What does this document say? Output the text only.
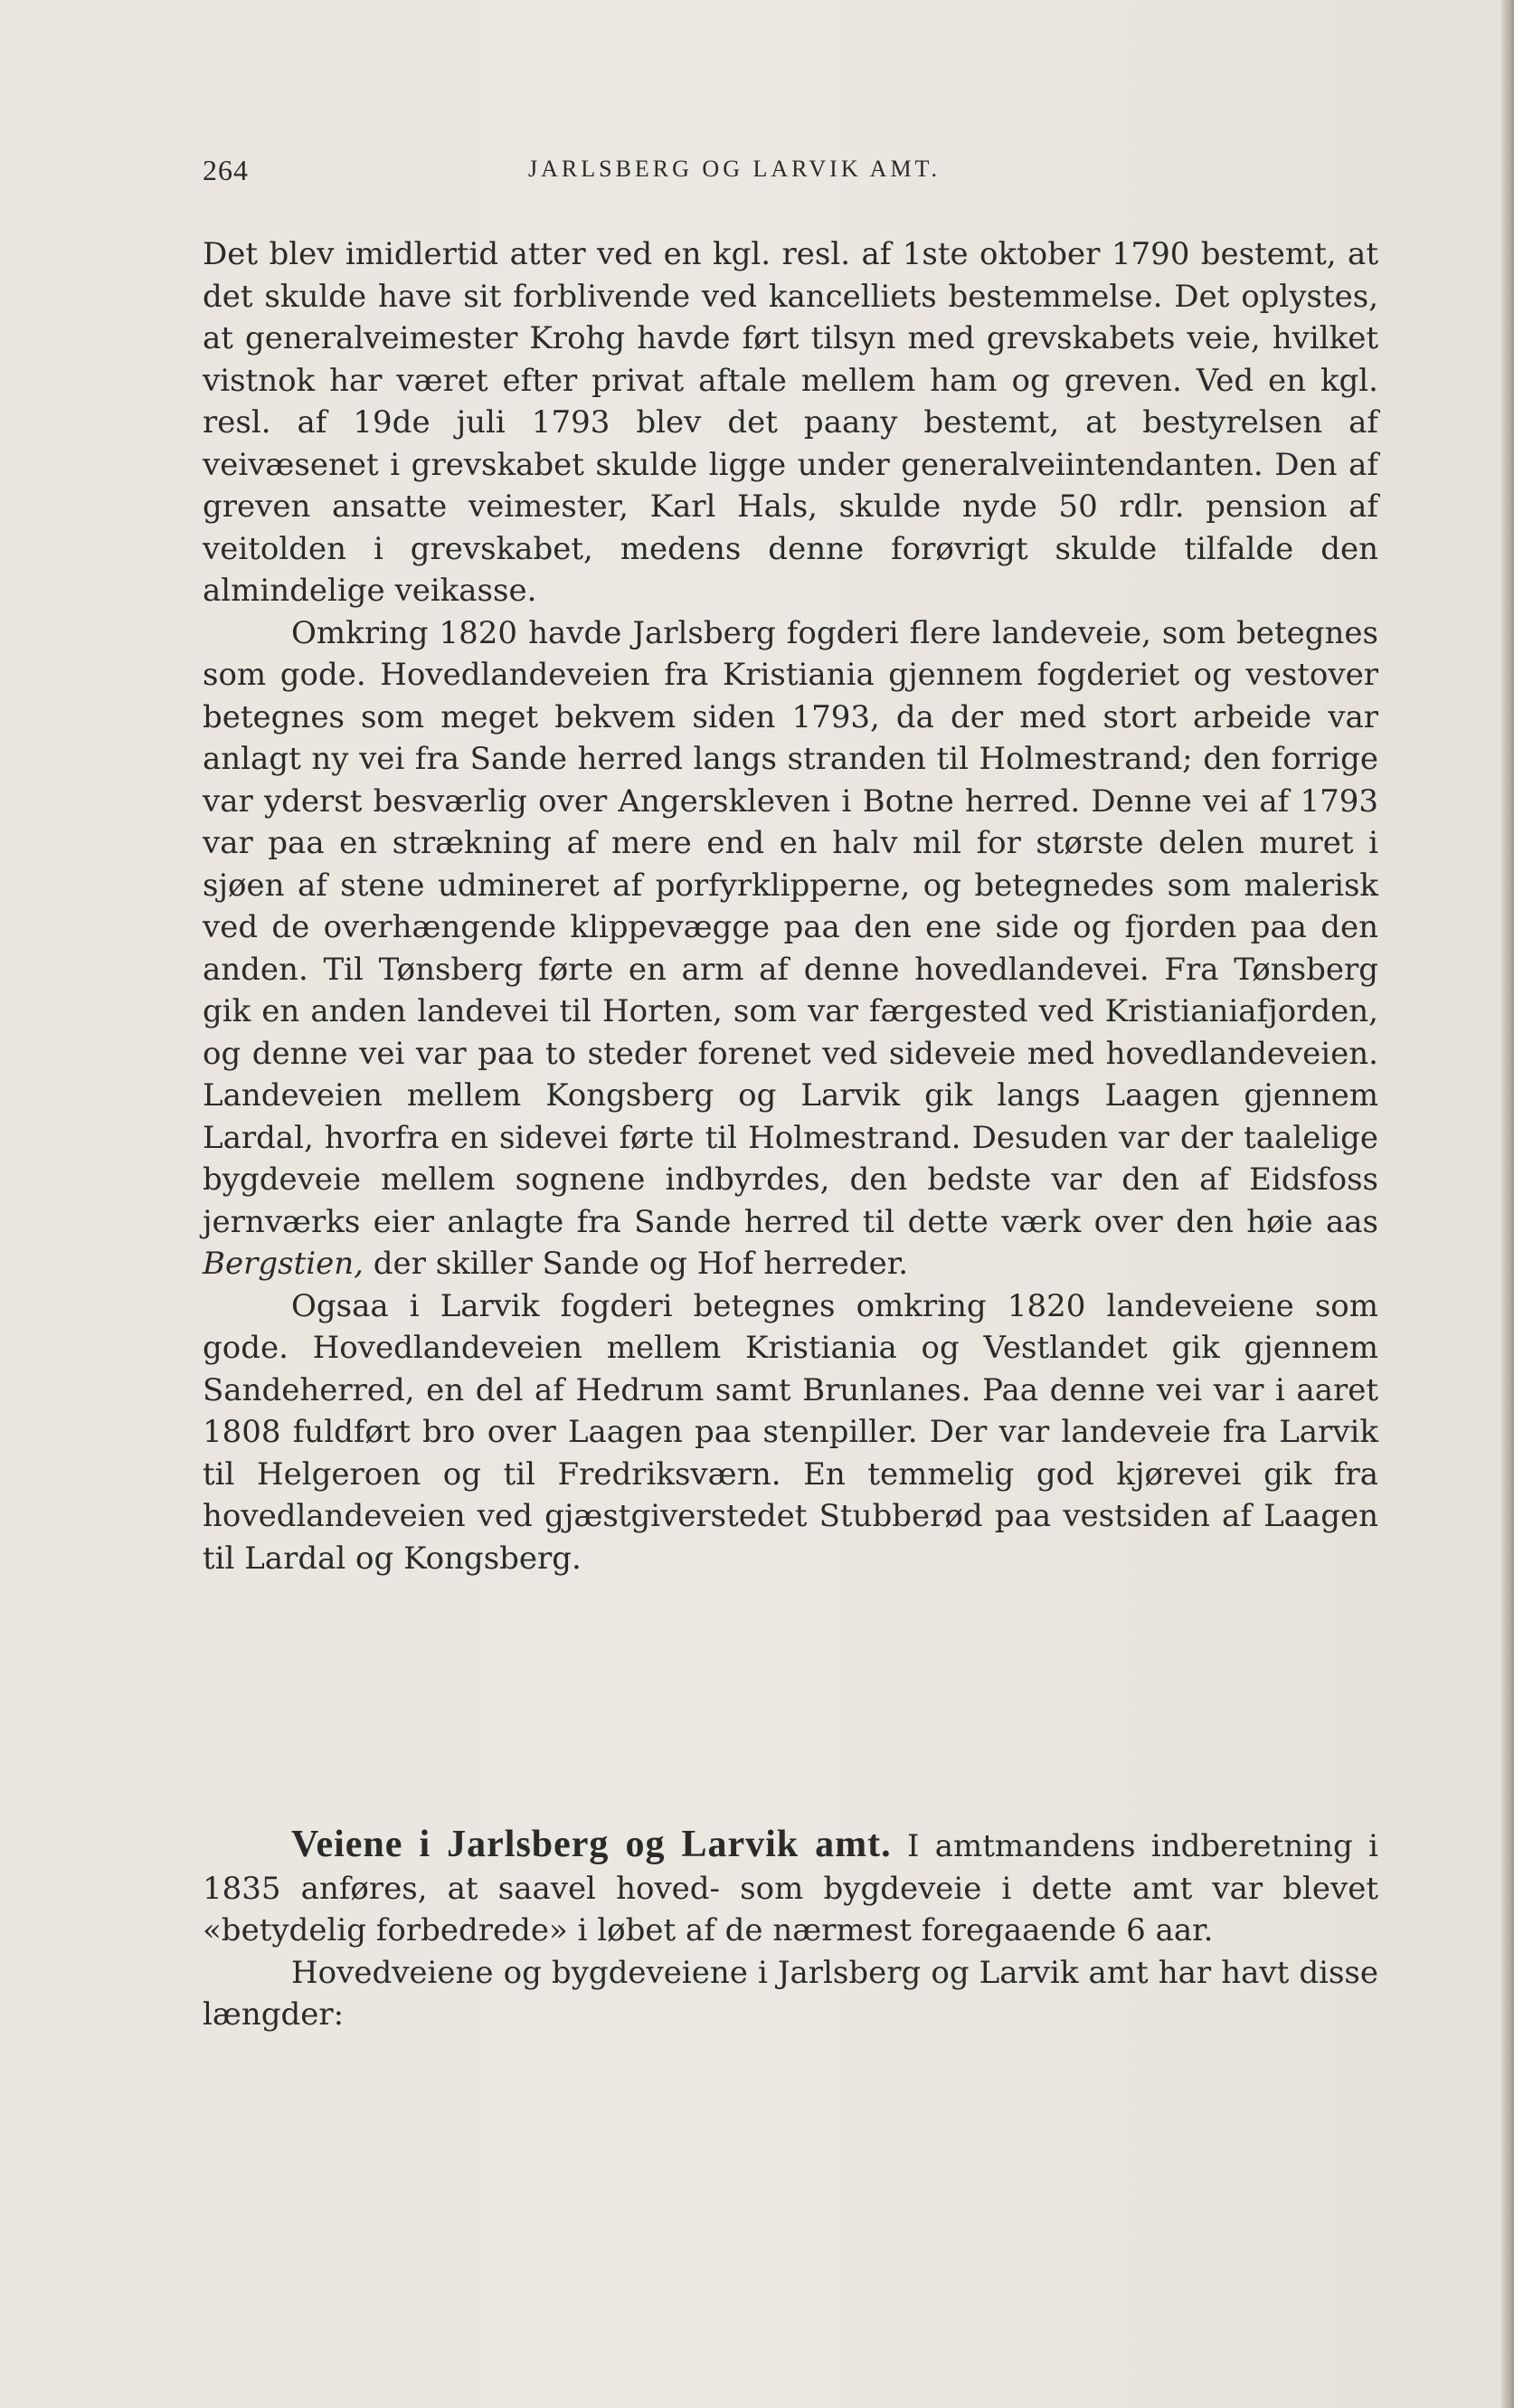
264	JARLSBERG OG LARVIK AMT.

Det blev imidlertid atter ved en kgl. resl. af 1ste oktober 1790 bestemt, at det skulde have sit forblivende ved kancelliets bestemmelse. Det oplystes, at generalveimester Krohg havde ført tilsyn med grevskabets veie, hvilket vistnok har været efter privat aftale mellem ham og greven. Ved en kgl. resl. af 19de juli 1793 blev det paany bestemt, at bestyrelsen af veivæsenet i grevskabet skulde ligge under generalveiintendanten. Den af greven ansatte veimester, Karl Hals, skulde nyde 50 rdlr. pension af veitolden i grevskabet, medens denne forøvrigt skulde tilfalde den almindelige veikasse.

Omkring 1820 havde Jarlsberg fogderi flere landeveie, som betegnes som gode. Hovedlandeveien fra Kristiania gjennem fogderiet og vestover betegnes som meget bekvem siden 1793, da der med stort arbeide var anlagt ny vei fra Sande herred langs stranden til Holmestrand; den forrige var yderst besværlig over Angerskleven i Botne herred. Denne vei af 1793 var paa en strækning af mere end en halv mil for største delen muret i sjøen af stene udmineret af porfyrklipperne, og betegnedes som malerisk ved de overhængende klippevægge paa den ene side og fjorden paa den anden. Til Tønsberg førte en arm af denne hovedlandevei. Fra Tønsberg gik en anden landevei til Horten, som var færgested ved Kristianiafjorden, og denne vei var paa to steder forenet ved sideveie med hovedlandeveien. Landeveien mellem Kongsberg og Larvik gik langs Laagen gjennem Lardal, hvorfra en sidevei førte til Holmestrand. Desuden var der taalelige bygdeveie mellem sognene indbyrdes, den bedste var den af Eidsfoss jernværks eier anlagte fra Sande herred til dette værk over den høie aas Bergstien, der skiller Sande og Hof herreder.

Ogsaa i Larvik fogderi betegnes omkring 1820 landeveiene som gode. Hovedlandeveien mellem Kristiania og Vestlandet gik gjennem Sandeherred, en del af Hedrum samt Brunlanes. Paa denne vei var i aaret 1808 fuldført bro over Laagen paa stenpiller. Der var landeveie fra Larvik til Helgeroen og til Fredriksværn. En temmelig god kjørevei gik fra hovedlandeveien ved gjæstgiverstedet Stubberød paa vestsiden af Laagen til Lardal og Kongsberg.

Veiene i Jarlsberg og Larvik amt. I amtmandens indberetning i 1835 anføres, at saavel hoved- som bygdeveie i dette amt var blevet «betydelig forbedrede» i løbet af de nærmest foregaaende 6 aar.

Hovedveiene og bygdeveiene i Jarlsberg og Larvik amt har havt disse længder:
